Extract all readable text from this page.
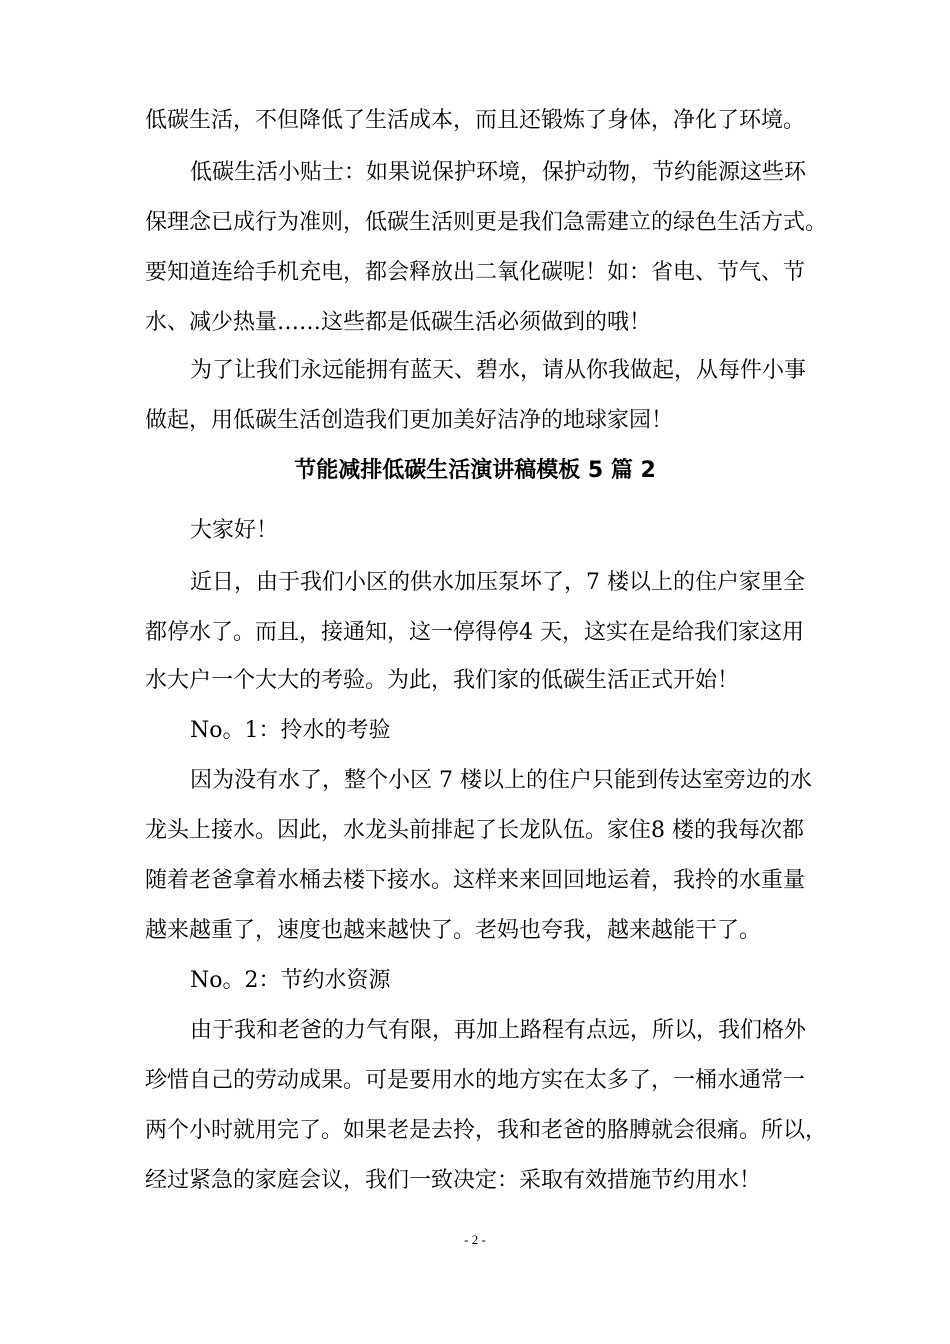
低碳生活，不但降低了生活成本，而且还锻炼了身体，净化了环境。
低碳生活小贴士：如果说保护环境，保护动物，节约能源这些环
保理念已成行为准则，低碳生活则更是我们急需建立的绿色生活方式。
要知道连给手机充电，都会释放出二氧化碳呢！如：省电、节气、节
水、减少热量……这些都是低碳生活必须做到的哦！
为了让我们永远能拥有蓝天、碧水，请从你我做起，从每件小事
做起，用低碳生活创造我们更加美好洁净的地球家园！
节能减排低碳生活演讲稿模板 5 篇 2
大家好！
近日，由于我们小区的供水加压泵坏了，7 楼以上的住户家里全
都停水了。而且，接通知，这一停得停4 天，这实在是给我们家这用
水大户一个大大的考验。为此，我们家的低碳生活正式开始！
No。1：拎水的考验
因为没有水了，整个小区 7 楼以上的住户只能到传达室旁边的水
龙头上接水。因此，水龙头前排起了长龙队伍。家住8 楼的我每次都
随着老爸拿着水桶去楼下接水。这样来来回回地运着，我拎的水重量
越来越重了，速度也越来越快了。老妈也夸我，越来越能干了。
No。2：节约水资源
由于我和老爸的力气有限，再加上路程有点远，所以，我们格外
珍惜自己的劳动成果。可是要用水的地方实在太多了，一桶水通常一
两个小时就用完了。如果老是去拎，我和老爸的胳膊就会很痛。所以，
经过紧急的家庭会议，我们一致决定：采取有效措施节约用水！
- 2 -
